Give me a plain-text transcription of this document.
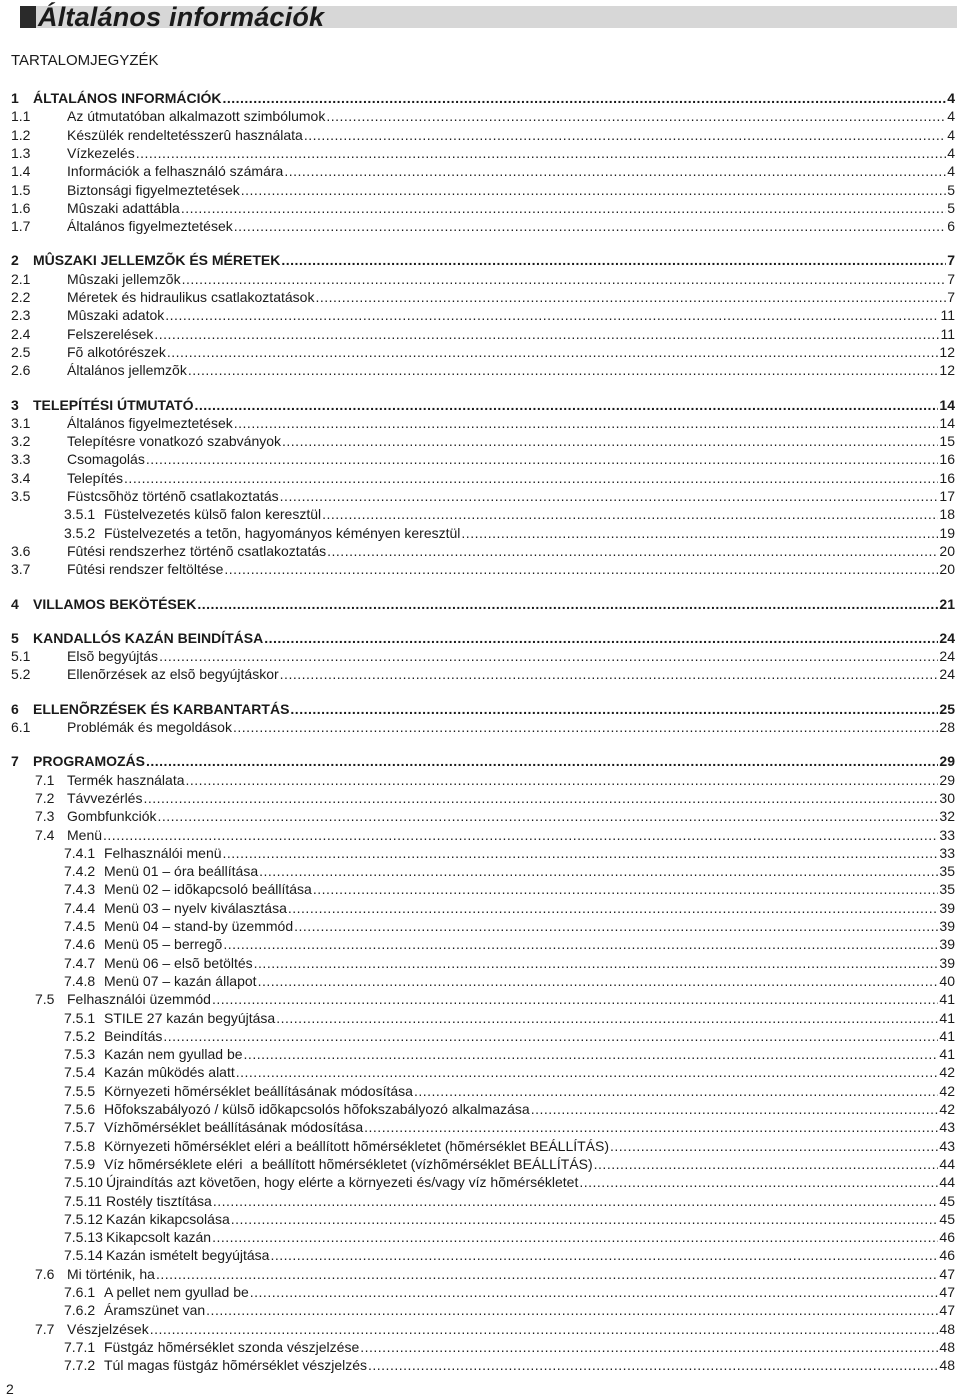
Általános információk
TARTALOMJEGYZÉK
1	ÁLTALÁNOS INFORMÁCIÓK .....	4
1.1	Az útmutatóban alkalmazott szimbólumok .....	4
1.2	Készülék rendeltetésszerû használata .....	4
1.3	Vízkezelés .....	4
1.4	Információk a felhasználó számára .....	4
1.5	Biztonsági figyelmeztetések .....	5
1.6	Mûszaki adattábla .....	5
1.7	Általános figyelmeztetések .....	6
2	MÛSZAKI JELLEMZÕK ÉS MÉRETEK .....	7
2.1	Mûszaki jellemzõk .....	7
2.2	Méretek és hidraulikus csatlakoztatások .....	7
2.3	Mûszaki adatok .....	11
2.4	Felszerelések .....	11
2.5	Fõ alkotórészek .....	12
2.6	Általános jellemzõk .....	12
3	TELEPÍTÉSI ÚTMUTATÓ .....	14
3.1	Általános figyelmeztetések .....	14
3.2	Telepítésre vonatkozó szabványok .....	15
3.3	Csomagolás .....	16
3.4	Telepítés .....	16
3.5	Füstcsõhöz történõ csatlakoztatás .....	17
3.5.1 Füstelvezetés külsõ falon keresztül .....	18
3.5.2 Füstelvezetés a tetõn, hagyományos kéményen keresztül .....	19
3.6	Fûtési rendszerhez történõ csatlakoztatás .....	20
3.7	Fûtési rendszer feltöltése .....	20
4	VILLAMOS BEKÖTÉSEK .....	21
5	KANDALLÓS KAZÁN BEINDÍTÁSA .....	24
5.1	Elsõ begyújtás .....	24
5.2	Ellenõrzések az elsõ begyújtáskor .....	24
6	ELLENÕRZÉSEK ÉS KARBANTARTÁS .....	25
6.1	Problémák és megoldások .....	28
7	PROGRAMOZÁS .....	29
7.1 Termék használata .....	29
7.2 Távvezérlés .....	30
7.3 Gombfunkciók .....	32
7.4 Menü .....	33
7.4.1 Felhasználói menü .....	33
7.4.2 Menü 01 – óra beállítása .....	35
7.4.3 Menü 02 – idõkapcsoló beállítása .....	35
7.4.4 Menü 03 – nyelv kiválasztása .....	39
7.4.5 Menü 04 – stand-by üzemmód .....	39
7.4.6 Menü 05 – berregõ .....	39
7.4.7 Menü 06 – elsõ betöltés .....	39
7.4.8 Menü 07 – kazán állapot .....	40
7.5 Felhasználói üzemmód .....	41
7.5.1 STILE 27 kazán begyújtása .....	41
7.5.2 Beindítás .....	41
7.5.3 Kazán nem gyullad be .....	41
7.5.4 Kazán mûködés alatt .....	42
7.5.5 Környezeti hõmérséklet beállításának módosítása .....	42
7.5.6 Hõfokszabályozó / külsõ idõkapcsolós hõfokszabályozó alkalmazása .....	42
7.5.7 Vízhõmérséklet beállításának módosítása .....	43
7.5.8 Környezeti hõmérséklet eléri a beállított hõmérsékletet (hõmérséklet BEÁLLÍTÁS) .....	43
7.5.9 Víz hõmérséklete eléri  a beállított hõmérsékletet (vízhõmérséklet BEÁLLÍTÁS) .....	44
7.5.10 Újraindítás azt követõen, hogy elérte a környezeti és/vagy víz hõmérsékletet .....	44
7.5.11 Rostély tisztítása .....	45
7.5.12 Kazán kikapcsolása .....	45
7.5.13 Kikapcsolt kazán .....	46
7.5.14 Kazán ismételt begyújtása .....	46
7.6 Mi történik, ha .....	47
7.6.1 A pellet nem gyullad be .....	47
7.6.2 Áramszünet van .....	47
7.7 Vészjelzések .....	48
7.7.1 Füstgáz hõmérséklet szonda vészjelzése .....	48
7.7.2 Túl magas füstgáz hõmérséklet vészjelzés .....	48
2
